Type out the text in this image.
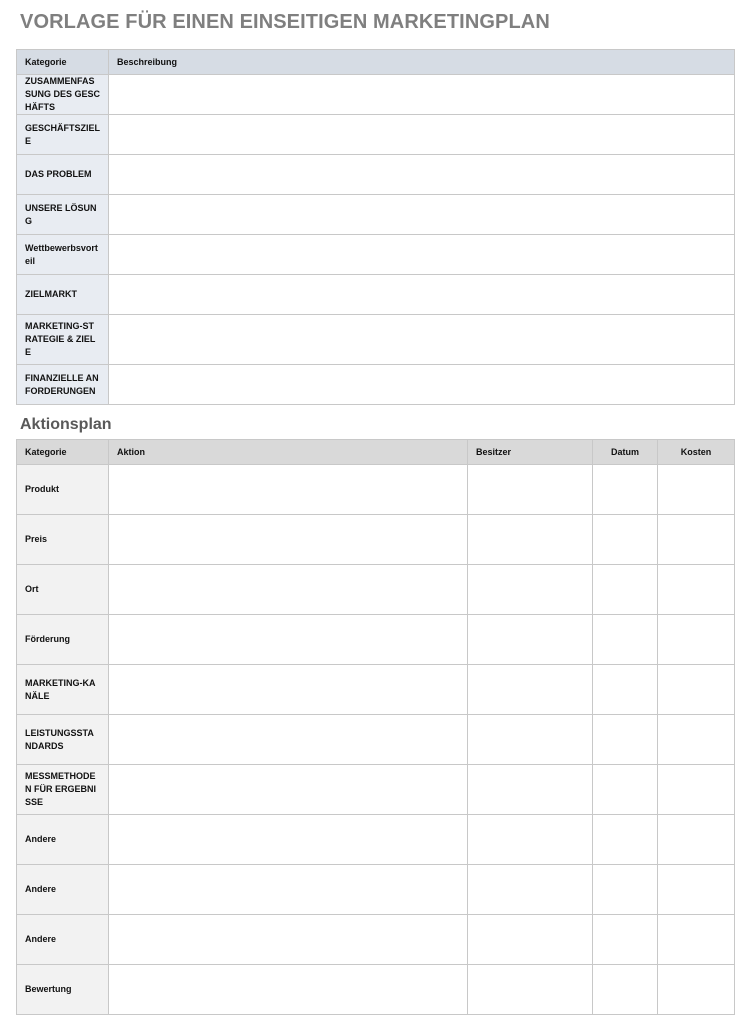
VORLAGE FÜR EINEN EINSEITIGEN MARKETINGPLAN
Kategorie	Beschreibung
ZUSAMMENFASSUNG DES GESCHÄFTS	
GESCHÄFTSZIELE	
DAS PROBLEM	
UNSERE LÖSUNG	
Wettbewerbsvorteil	
ZIELMARKT	
MARKETING-STRATEGIE & ZIELE	
FINANZIELLE ANFORDERUNGEN	
Aktionsplan
Kategorie	Aktion	Besitzer	Datum	Kosten
Produkt				
Preis				
Ort				
Förderung				
MARKETING-KANÄLE				
LEISTUNGSSTANDARDS				
MESSMETHODEN FÜR ERGEBNISSE				
Andere				
Andere				
Andere				
Bewertung				
